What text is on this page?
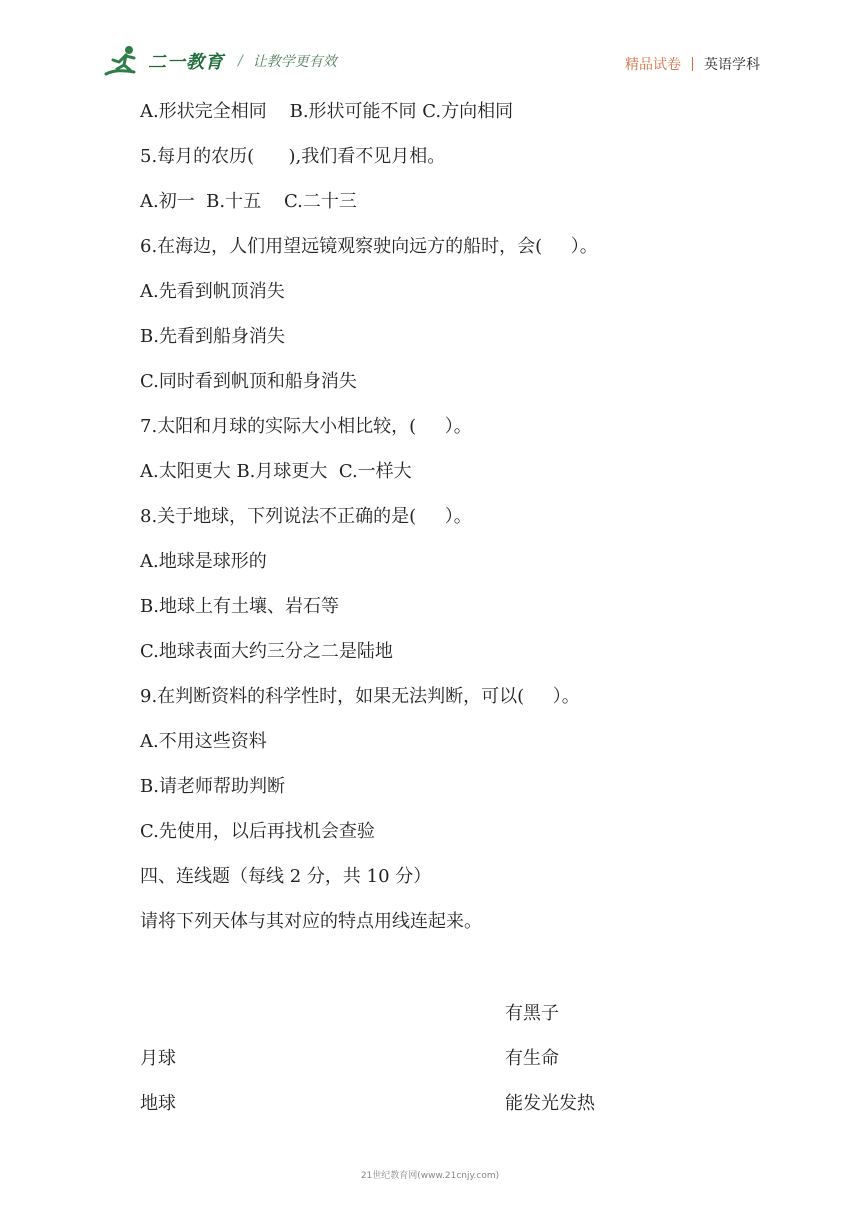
二一教育 / 让教学更有效	精品试卷 英语学科
A.形状完全相同    B.形状可能不同 C.方向相同
5.每月的农历(      ),我们看不见月相。
A.初一  B.十五    C.二十三
6.在海边，人们用望远镜观察驶向远方的船时，会(     ）。
A.先看到帆顶消失
B.先看到船身消失
C.同时看到帆顶和船身消失
7.太阳和月球的实际大小相比较，(     ）。
A.太阳更大 B.月球更大  C.一样大
8.关于地球，下列说法不正确的是(     ）。
A.地球是球形的
B.地球上有土壤、岩石等
C.地球表面大约三分之二是陆地
9.在判断资料的科学性时，如果无法判断，可以(     ）。
A.不用这些资料
B.请老师帮助判断
C.先使用，以后再找机会查验
四、连线题（每线 2 分，共 10 分）
请将下列天体与其对应的特点用线连起来。
有黑子
有生命
能发光发热
月球
地球
21世纪教育网(www.21cnjy.com)
